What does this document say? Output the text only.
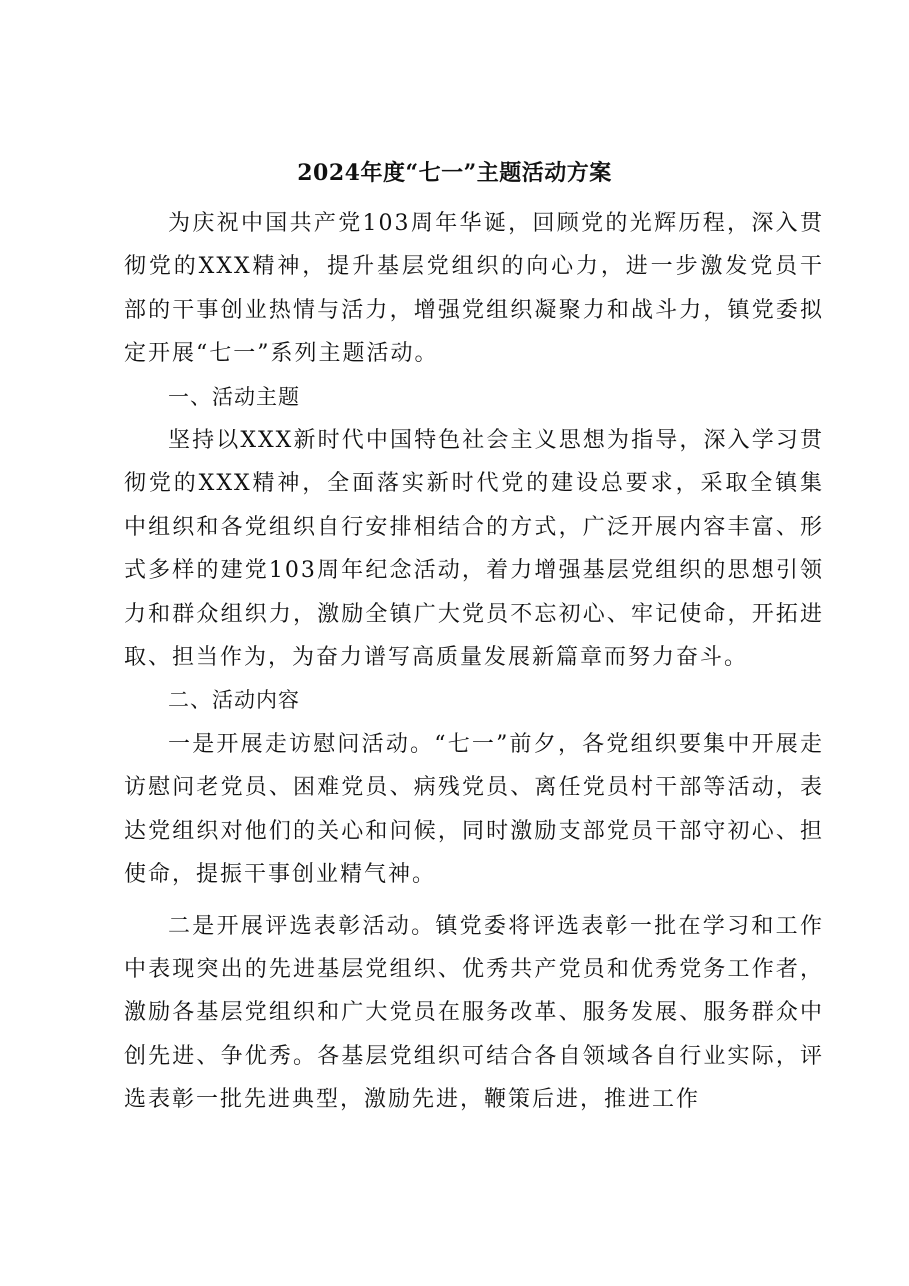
2024年度“七一”主题活动方案

为庆祝中国共产党103周年华诞，回顾党的光辉历程，深入贯彻党的XXX精神，提升基层党组织的向心力，进一步激发党员干部的干事创业热情与活力，增强党组织凝聚力和战斗力，镇党委拟定开展“七一”系列主题活动。

一、活动主题

坚持以XXX新时代中国特色社会主义思想为指导，深入学习贯彻党的XXX精神，全面落实新时代党的建设总要求，采取全镇集中组织和各党组织自行安排相结合的方式，广泛开展内容丰富、形式多样的建党103周年纪念活动，着力增强基层党组织的思想引领力和群众组织力，激励全镇广大党员不忘初心、牢记使命，开拓进取、担当作为，为奋力谱写高质量发展新篇章而努力奋斗。

二、活动内容

一是开展走访慰问活动。“七一”前夕，各党组织要集中开展走访慰问老党员、困难党员、病残党员、离任党员村干部等活动，表达党组织对他们的关心和问候，同时激励支部党员干部守初心、担使命，提振干事创业精气神。

二是开展评选表彰活动。镇党委将评选表彰一批在学习和工作中表现突出的先进基层党组织、优秀共产党员和优秀党务工作者，激励各基层党组织和广大党员在服务改革、服务发展、服务群众中创先进、争优秀。各基层党组织可结合各自领域各自行业实际，评选表彰一批先进典型，激励先进，鞭策后进，推进工作
